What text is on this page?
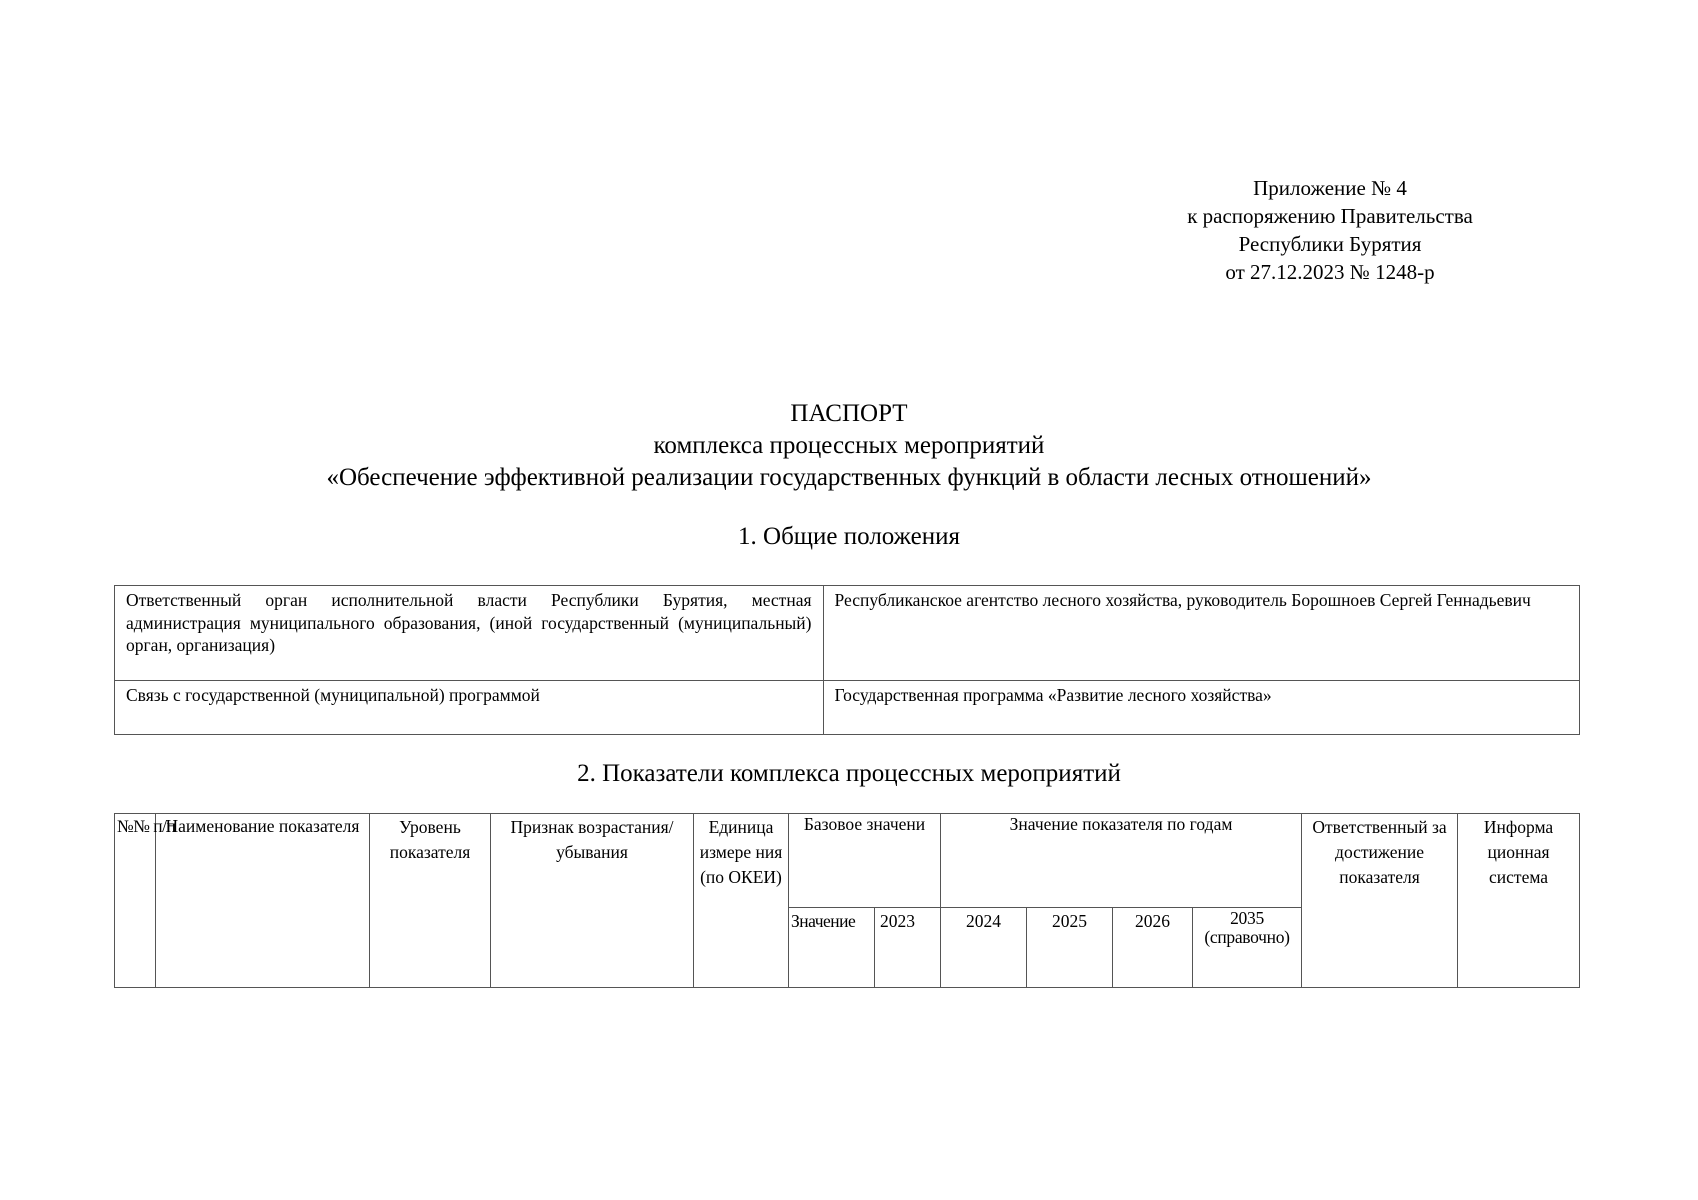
Приложение № 4
к распоряжению Правительства
Республики Бурятия
от 27.12.2023 № 1248-р
ПАСПОРТ
комплекса процессных мероприятий
«Обеспечение эффективной реализации государственных функций в области лесных отношений»
1. Общие положения
Ответственный орган исполнительной власти Республики Бурятия, местная администрация муниципального образования, (иной государственный (муниципальный) орган, организация)	Республиканское агентство лесного хозяйства, руководитель Борошноев Сергей Геннадьевич
Связь с государственной (муниципальной) программой	Государственная программа «Развитие лесного хозяйства»
2. Показатели комплекса процессных мероприятий
№№ п/п	Наименование показателя	Уровень показателя	Признак возрастания/убывания	Единица измере ния (по ОКЕИ)	Базовое значени		Значение показателя по годам				Ответственный за достижение показателя	Информа ционная система
					Значение	2023	2024	2025	2026	2035 (справочно)		
